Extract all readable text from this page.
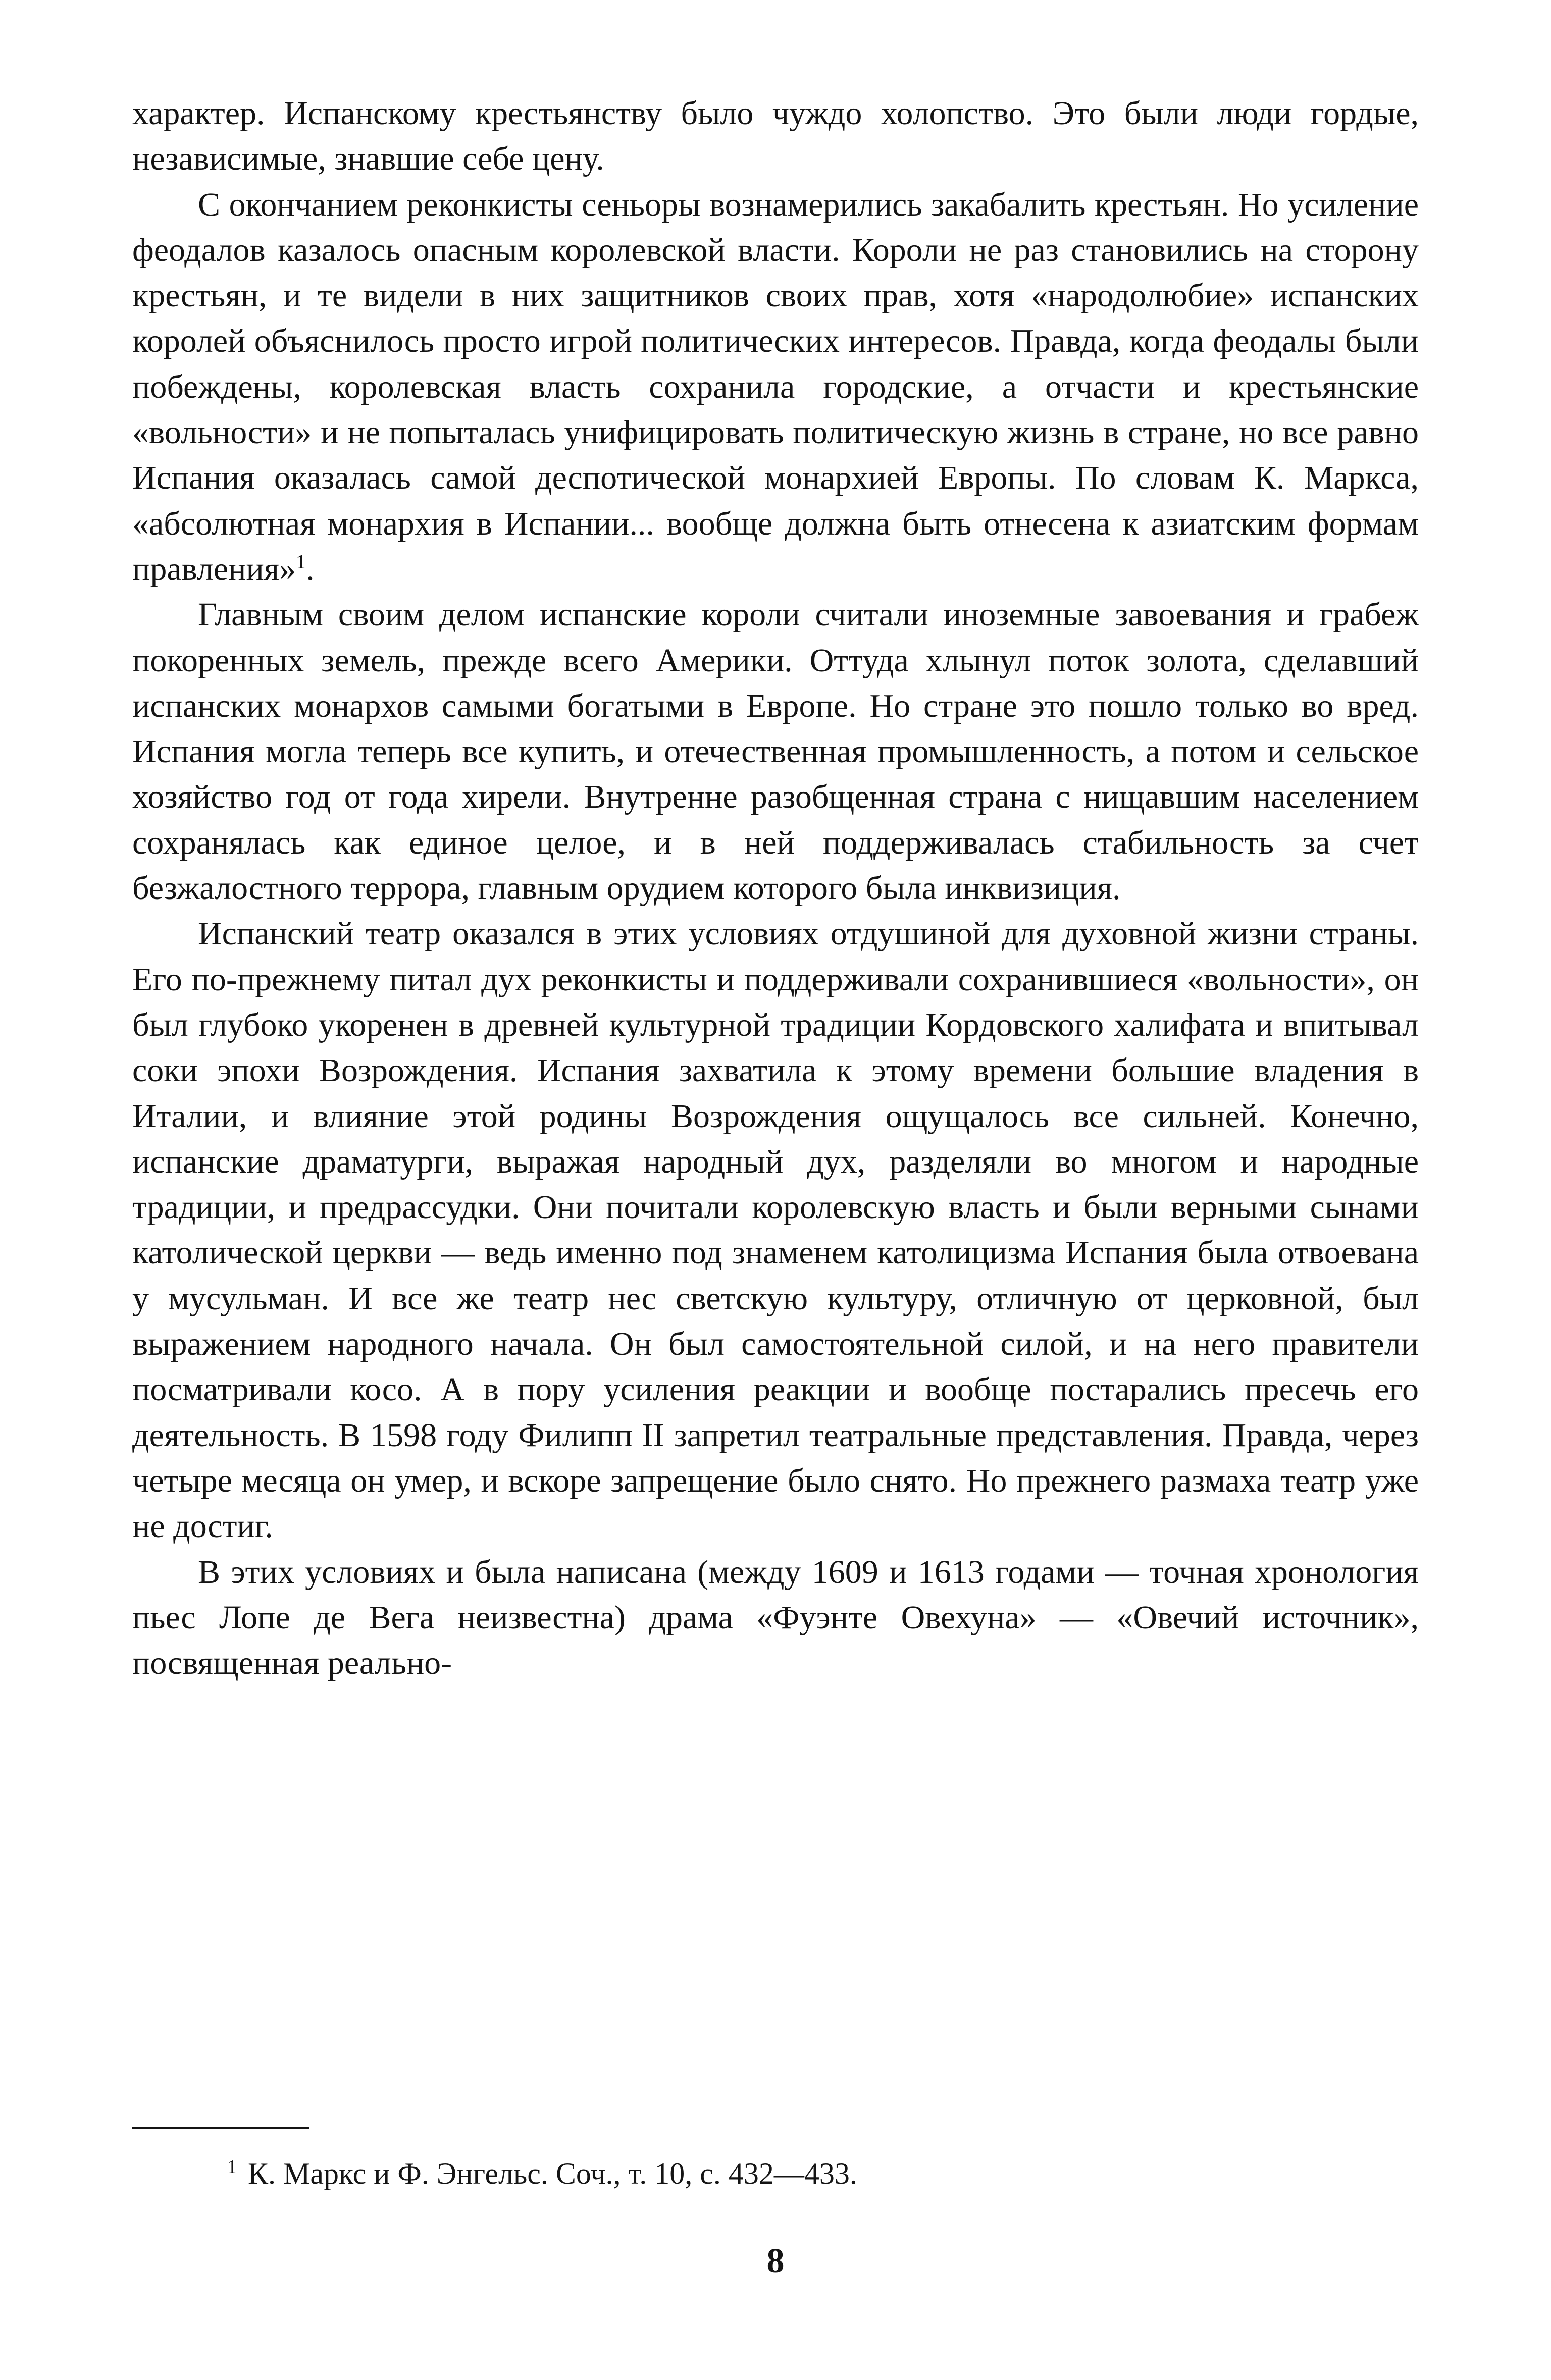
характер. Испанскому крестьянству было чуждо холопство. Это были люди гордые, независимые, знавшие себе цену.

С окончанием реконкисты сеньоры вознамерились закабалить крестьян. Но усиление феодалов казалось опасным королевской власти. Короли не раз становились на сторону крестьян, и те видели в них защитников своих прав, хотя «народолюбие» испанских королей объяснилось просто игрой политических интересов. Правда, когда феодалы были побеждены, королевская власть сохранила городские, а отчасти и крестьянские «вольности» и не попыталась унифицировать политическую жизнь в стране, но все равно Испания оказалась самой деспотической монархией Европы. По словам К. Маркса, «абсолютная монархия в Испании... вообще должна быть отнесена к азиатским формам правления»$^1$.

Главным своим делом испанские короли считали иноземные завоевания и грабеж покоренных земель, прежде всего Америки. Оттуда хлынул поток золота, сделавший испанских монархов самыми богатыми в Европе. Но стране это пошло только во вред. Испания могла теперь все купить, и отечественная промышленность, а потом и сельское хозяйство год от года хирели. Внутренне разобщенная страна с нищавшим населением сохранялась как единое целое, и в ней поддерживалась стабильность за счет безжалостного террора, главным орудием которого была инквизиция.

Испанский театр оказался в этих условиях отдушиной для духовной жизни страны. Его по-прежнему питал дух реконкисты и поддерживали сохранившиеся «вольности», он был глубоко укоренен в древней культурной традиции Кордовского халифата и впитывал соки эпохи Возрождения. Испания захватила к этому времени большие владения в Италии, и влияние этой родины Возрождения ощущалось все сильней. Конечно, испанские драматурги, выражая народный дух, разделяли во многом и народные традиции, и предрассудки. Они почитали королевскую власть и были верными сынами католической церкви — ведь именно под знаменем католицизма Испания была отвоевана у мусульман. И все же театр нес светскую культуру, отличную от церковной, был выражением народного начала. Он был самостоятельной силой, и на него правители посматривали косо. А в пору усиления реакции и вообще постарались пресечь его деятельность. В 1598 году Филипп II запретил театральные представления. Правда, через четыре месяца он умер, и вскоре запрещение было снято. Но прежнего размаха театр уже не достиг.

В этих условиях и была написана (между 1609 и 1613 годами — точная хронология пьес Лопе де Вега неизвестна) драма «Фуэнте Овехуна» — «Овечий источник», посвященная реально-

$^1$ К. Маркс и Ф. Энгельс. Соч., т. 10, с. 432—433.
8
